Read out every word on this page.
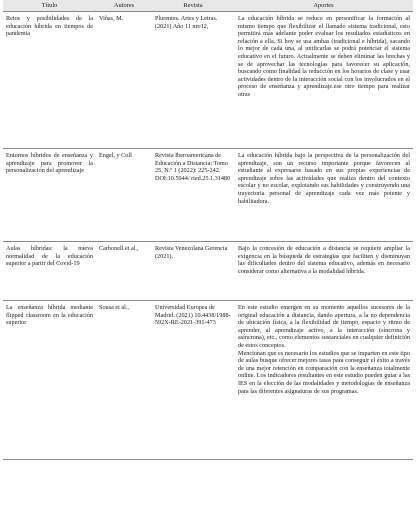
Título	Autores	Revista	Aportes
Retos y posibilidades de la educación híbrida en tiempos de pandemia	Viñas, M.	Plurentes. Artes y Letras. (2021) Año 11 nro12,	La educación híbrida se reduce en personificar la formación al mismo tiempo que flexibilizar el llamado sistema tradicional, esto permitirá más adelante poder evaluar los resultados estadísticos en relación a ella. Si hoy se usa ambas (tradicional e híbrida), sacando lo mejor de cada una, al unificarlas se podrá potenciar el sistema educativo en el futuro. Actualmente se deben eliminar las brechas y se de aprovechar las tecnologías para favorecer su aplicación, buscando como finalidad la reducción en los horarios de clase y usar actividades dentro de la interacción social con los involucrados en el proceso de enseñanza y aprendizaje.ese otro tiempo para realizar otras

Entornos híbridos de enseñanza y aprendizaje para promover la personalización del aprendizaje	Engel, y Coll	Revista Iberoamericana de Educación a Distancia; Tomo 25, N.º 1 (2022): 225-242. DOI:10.5944/ ried.25.1.31480	La educación híbrida bajo la perspectiva de la personalización del aprendizaje, son un recurso importante porque favorecen al estudiante al expresarse basado en sus propias experiencias de aprendizaje sobre las actividades que realiza dentro del contexto escolar y no escolar, explotando sus habilidades y construyendo una trayectoria personal de aprendizaje cada vez más potente y habilitadora.

Aulas híbridas: la nueva normalidad de la educación superior a partir del Covid-19	Carbonell et al.,	Revista Venezolana Gerencia (2021).	Bajo la concesión de educación a distancia se requiere ampliar la exigencia en la búsqueda de estrategias que faciliten y disminuyan las dificultades dentro del sistema educativo, además en necesario considerar como alternativa a la modalidad híbrida.

La enseñanza híbrida mediante flipped classroom en la educación superior	Sousa et al.,	Universidad Europea de Madrid. (2021) 10.4438/1988-592X-RE-2021-391-473	En este estudio emergen en su momento aquellos sucesores de la original educación a distancia, dando apertura, a la no dependencia de ubicación física, a la flexibilidad de tiempo, espacio y ritmo de aprender, al aprendizaje activo, a la interacción (síncrona y asíncrona), etc., como elementos sustanciales en cualquier definición de estos conceptos.

Mencionan que es necesario los estudios que se imparten en este tipo de aulas busque ofrecer mejores tasas para conseguir el éxito a través de una mejor retención en comparación con la enseñanza totalmente online. Los indicadores resultantes en este estudio pueden guiar a las IES en la elección de las modalidades y metodologías de enseñanza para las diferentes asignaturas de sus programas.
